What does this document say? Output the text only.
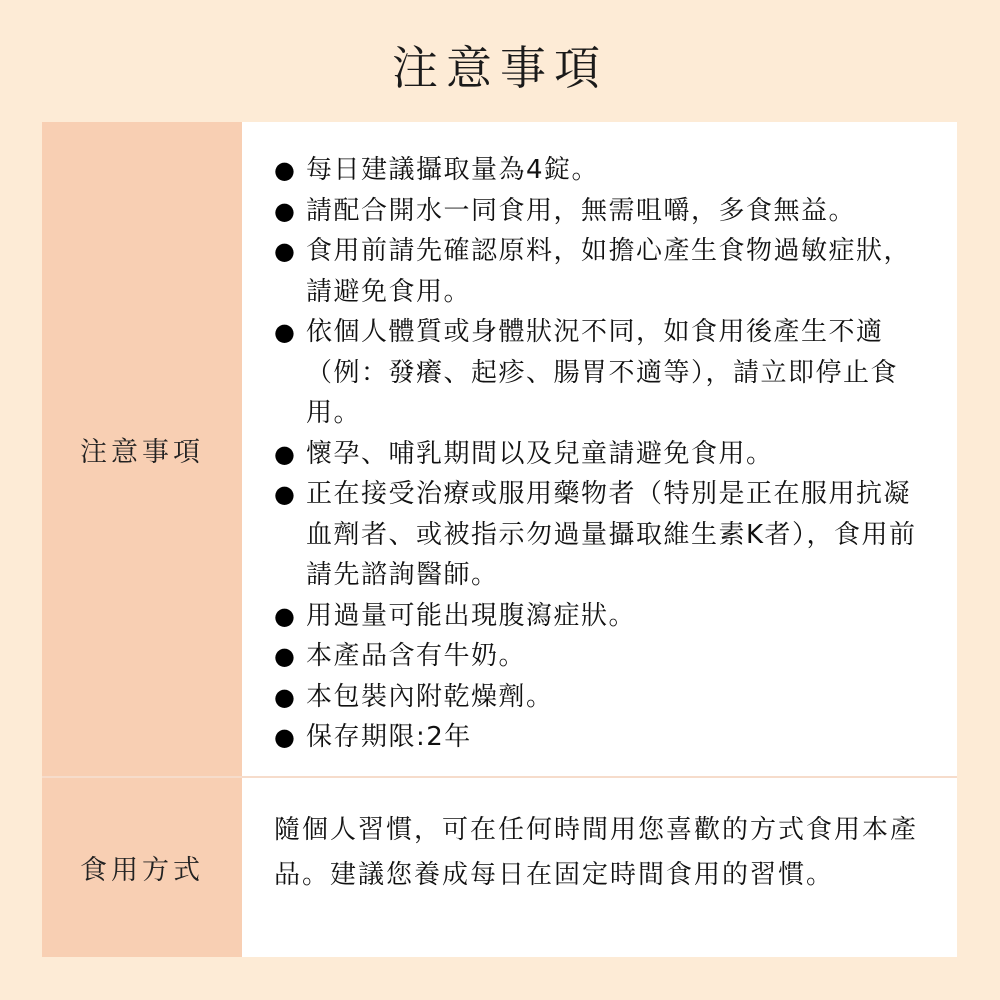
注意事項
注意事項
● 每日建議攝取量為4錠。
● 請配合開水一同食用，無需咀嚼，多食無益。
● 食用前請先確認原料，如擔心產生食物過敏症狀，請避免食用。
● 依個人體質或身體狀況不同，如食用後產生不適（例：發癢、起疹、腸胃不適等），請立即停止食用。
● 懷孕、哺乳期間以及兒童請避免食用。
● 正在接受治療或服用藥物者（特別是正在服用抗凝血劑者、或被指示勿過量攝取維生素K者），食用前請先諮詢醫師。
● 用過量可能出現腹瀉症狀。
● 本產品含有牛奶。
● 本包裝內附乾燥劑。
● 保存期限:2年
食用方式

隨個人習慣，可在任何時間用您喜歡的方式食用本產品。建議您養成每日在固定時間食用的習慣。
